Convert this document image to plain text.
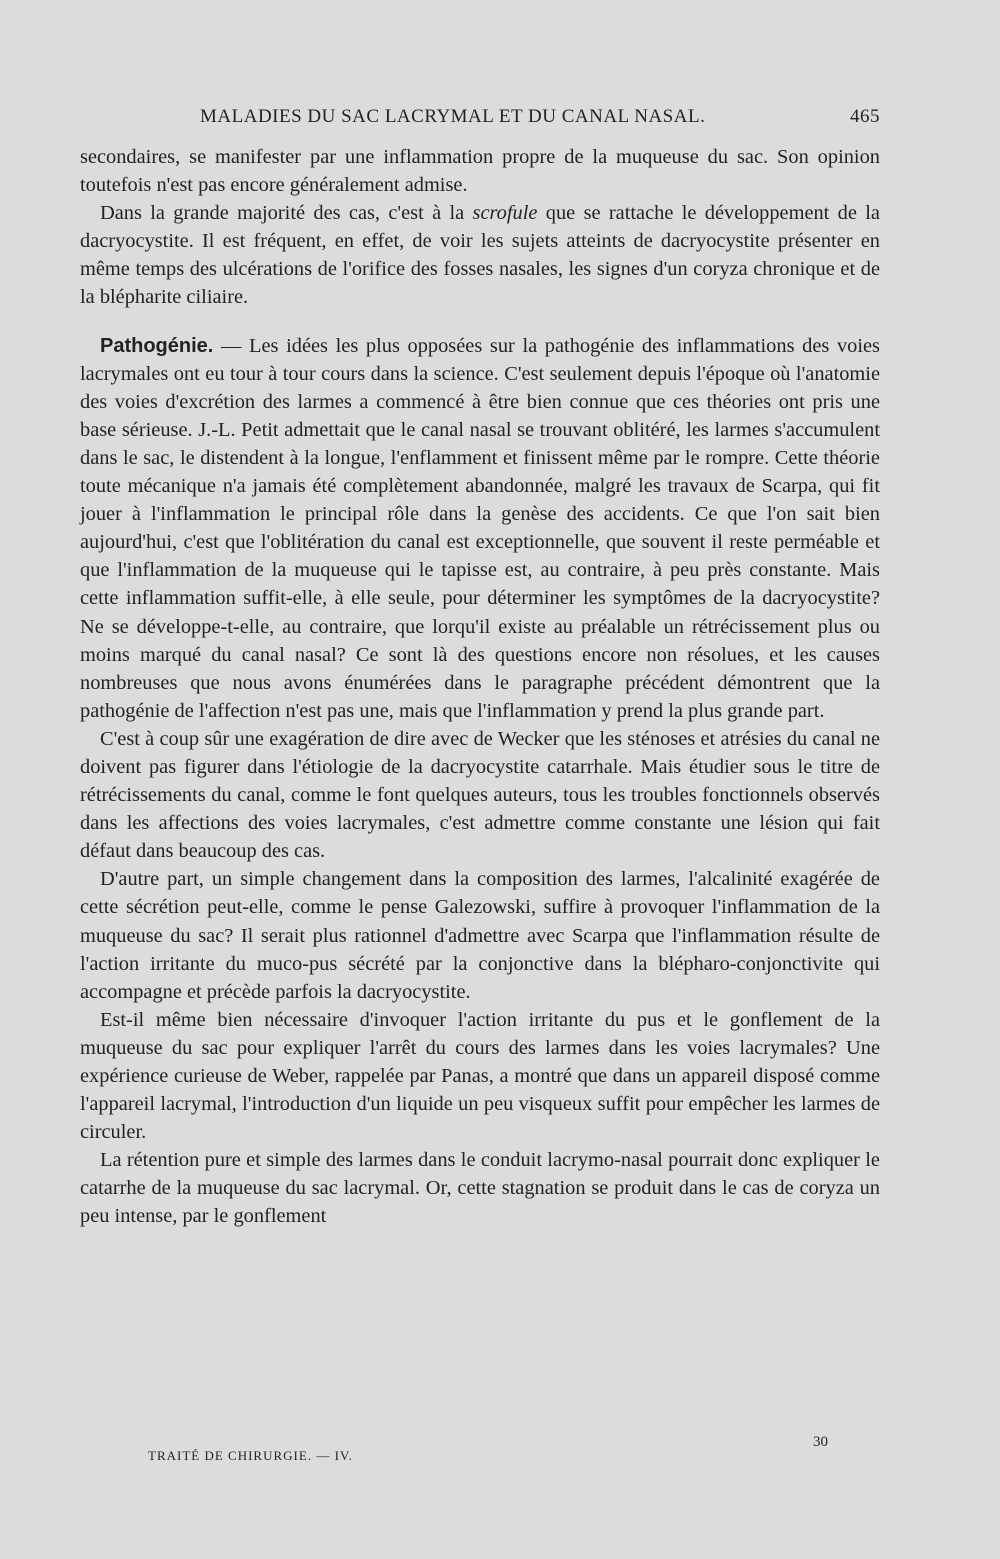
MALADIES DU SAC LACRYMAL ET DU CANAL NASAL.	465

secondaires, se manifester par une inflammation propre de la muqueuse du sac. Son opinion toutefois n'est pas encore généralement admise.

Dans la grande majorité des cas, c'est à la scrofule que se rattache le développement de la dacryocystite. Il est fréquent, en effet, de voir les sujets atteints de dacryocystite présenter en même temps des ulcérations de l'orifice des fosses nasales, les signes d'un coryza chronique et de la blépharite ciliaire.

Pathogénie. — Les idées les plus opposées sur la pathogénie des inflammations des voies lacrymales ont eu tour à tour cours dans la science. C'est seulement depuis l'époque où l'anatomie des voies d'excrétion des larmes a commencé à être bien connue que ces théories ont pris une base sérieuse. J.-L. Petit admettait que le canal nasal se trouvant oblitéré, les larmes s'accumulent dans le sac, le distendent à la longue, l'enflamment et finissent même par le rompre. Cette théorie toute mécanique n'a jamais été complètement abandonnée, malgré les travaux de Scarpa, qui fit jouer à l'inflammation le principal rôle dans la genèse des accidents. Ce que l'on sait bien aujourd'hui, c'est que l'oblitération du canal est exceptionnelle, que souvent il reste perméable et que l'inflammation de la muqueuse qui le tapisse est, au contraire, à peu près constante. Mais cette inflammation suffit-elle, à elle seule, pour déterminer les symptômes de la dacryocystite? Ne se développe-t-elle, au contraire, que lorqu'il existe au préalable un rétrécissement plus ou moins marqué du canal nasal? Ce sont là des questions encore non résolues, et les causes nombreuses que nous avons énumérées dans le paragraphe précédent démontrent que la pathogénie de l'affection n'est pas une, mais que l'inflammation y prend la plus grande part.

C'est à coup sûr une exagération de dire avec de Wecker que les sténoses et atrésies du canal ne doivent pas figurer dans l'étiologie de la dacryocystite catarrhale. Mais étudier sous le titre de rétrécissements du canal, comme le font quelques auteurs, tous les troubles fonctionnels observés dans les affections des voies lacrymales, c'est admettre comme constante une lésion qui fait défaut dans beaucoup des cas.

D'autre part, un simple changement dans la composition des larmes, l'alcalinité exagérée de cette sécrétion peut-elle, comme le pense Galezowski, suffire à provoquer l'inflammation de la muqueuse du sac? Il serait plus rationnel d'admettre avec Scarpa que l'inflammation résulte de l'action irritante du muco-pus sécrété par la conjonctive dans la blépharo-conjonctivite qui accompagne et précède parfois la dacryocystite.

Est-il même bien nécessaire d'invoquer l'action irritante du pus et le gonflement de la muqueuse du sac pour expliquer l'arrêt du cours des larmes dans les voies lacrymales? Une expérience curieuse de Weber, rappelée par Panas, a montré que dans un appareil disposé comme l'appareil lacrymal, l'introduction d'un liquide un peu visqueux suffit pour empêcher les larmes de circuler.

La rétention pure et simple des larmes dans le conduit lacrymo-nasal pourrait donc expliquer le catarrhe de la muqueuse du sac lacrymal. Or, cette stagnation se produit dans le cas de coryza un peu intense, par le gonflement

TRAITÉ DE CHIRURGIE. — IV.
30
